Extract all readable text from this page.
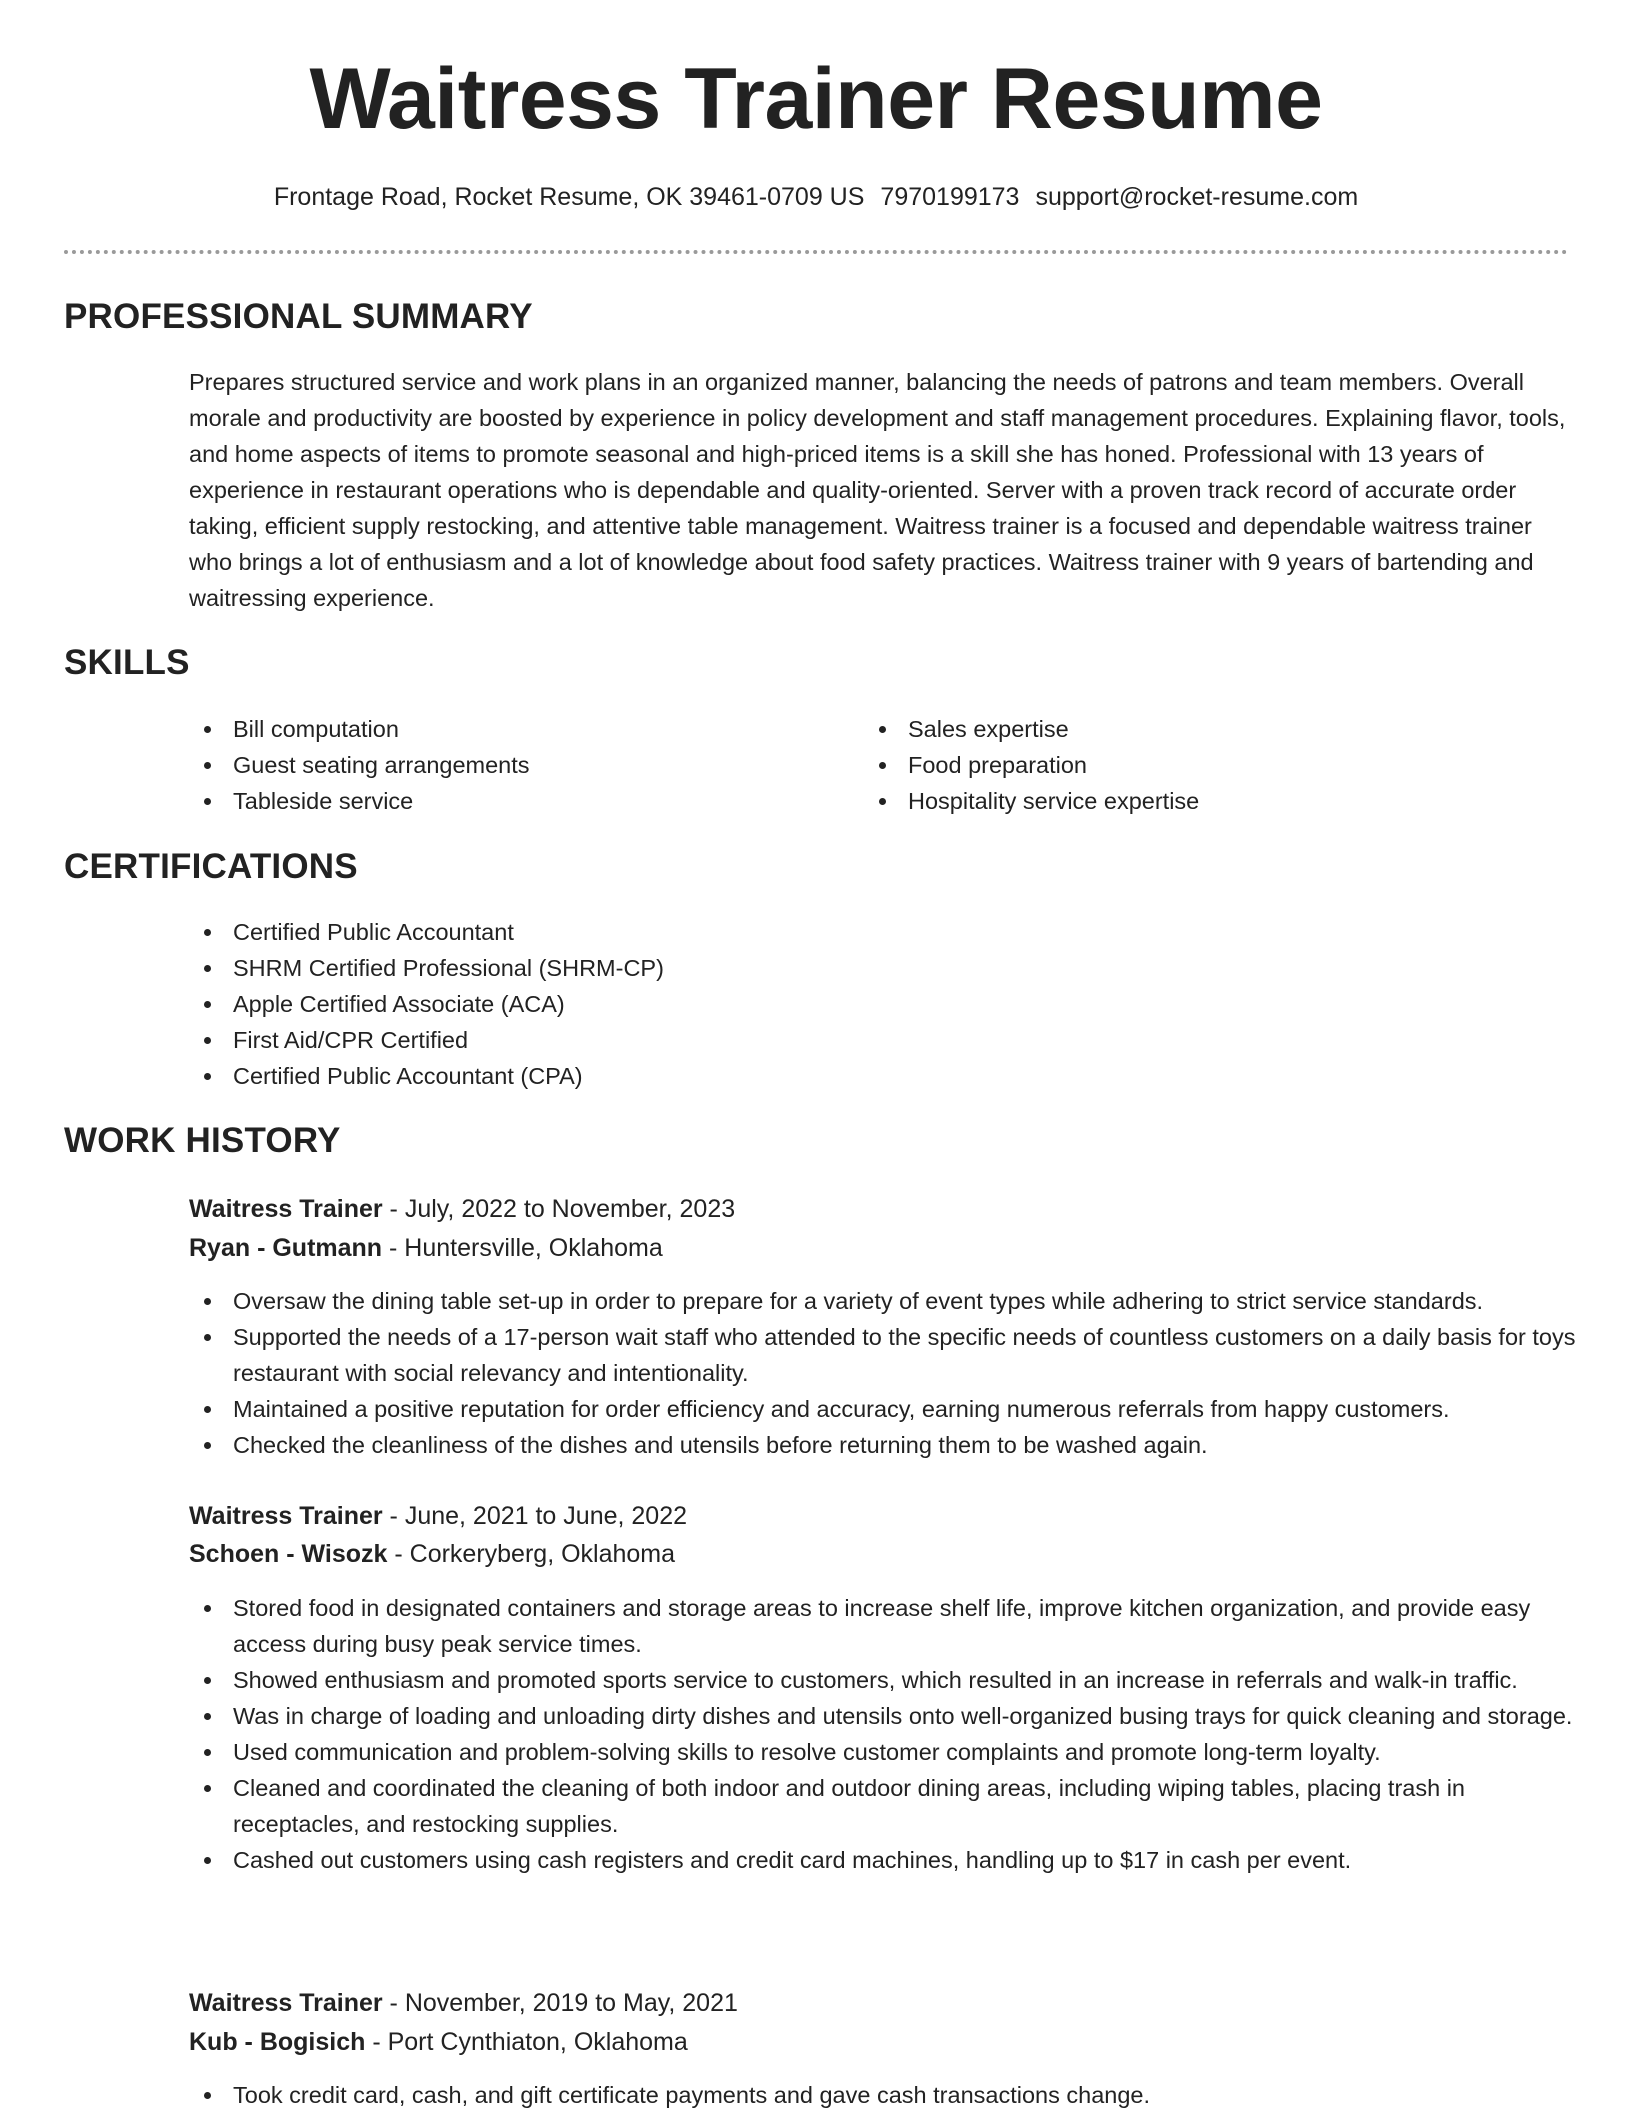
Waitress Trainer Resume
Frontage Road, Rocket Resume, OK 39461-0709 US 7970199173 support@rocket-resume.com
PROFESSIONAL SUMMARY

Prepares structured service and work plans in an organized manner, balancing the needs of patrons and team members. Overall morale and productivity are boosted by experience in policy development and staff management procedures. Explaining flavor, tools, and home aspects of items to promote seasonal and high-priced items is a skill she has honed. Professional with 13 years of experience in restaurant operations who is dependable and quality-oriented. Server with a proven track record of accurate order taking, efficient supply restocking, and attentive table management. Waitress trainer is a focused and dependable waitress trainer who brings a lot of enthusiasm and a lot of knowledge about food safety practices. Waitress trainer with 9 years of bartending and waitressing experience.

SKILLS
Bill computation
Guest seating arrangements
Tableside service
Sales expertise
Food preparation
Hospitality service expertise
CERTIFICATIONS
Certified Public Accountant
SHRM Certified Professional (SHRM-CP)
Apple Certified Associate (ACA)
First Aid/CPR Certified
Certified Public Accountant (CPA)
WORK HISTORY
Waitress Trainer - July, 2022 to November, 2023
Ryan - Gutmann - Huntersville, Oklahoma
Oversaw the dining table set-up in order to prepare for a variety of event types while adhering to strict service standards.
Supported the needs of a 17-person wait staff who attended to the specific needs of countless customers on a daily basis for toys restaurant with social relevancy and intentionality.
Maintained a positive reputation for order efficiency and accuracy, earning numerous referrals from happy customers.
Checked the cleanliness of the dishes and utensils before returning them to be washed again.
Waitress Trainer - June, 2021 to June, 2022
Schoen - Wisozk - Corkeryberg, Oklahoma
Stored food in designated containers and storage areas to increase shelf life, improve kitchen organization, and provide easy access during busy peak service times.
Showed enthusiasm and promoted sports service to customers, which resulted in an increase in referrals and walk-in traffic.
Was in charge of loading and unloading dirty dishes and utensils onto well-organized busing trays for quick cleaning and storage.
Used communication and problem-solving skills to resolve customer complaints and promote long-term loyalty.
Cleaned and coordinated the cleaning of both indoor and outdoor dining areas, including wiping tables, placing trash in receptacles, and restocking supplies.
Cashed out customers using cash registers and credit card machines, handling up to $17 in cash per event.
Waitress Trainer - November, 2019 to May, 2021
Kub - Bogisich - Port Cynthiaton, Oklahoma
Took credit card, cash, and gift certificate payments and gave cash transactions change.
